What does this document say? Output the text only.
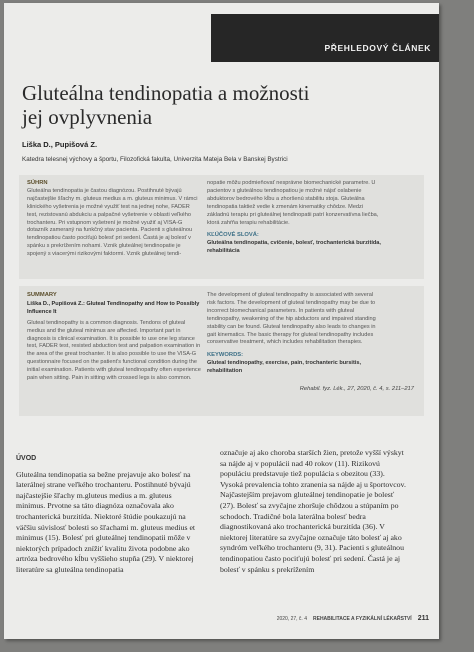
PŘEHLEDOVÝ ČLÁNEK
Gluteálna tendinopatia a možnosti
jej ovplyvnenia
Liška D., Pupišová Z.
Katedra telesnej výchovy a športu, Filozofická fakulta, Univerzita Mateja Bela v Banskej Bystrici
SÚHRN

Gluteálna tendinopatia je častou diagnózou. Postihnuté bývajú najčastejšie šľachy m. gluteus medius a m. gluteus minimus. V rámci klinického vyšetrenia je možné využiť test na jednej nohe, FADER test, rezistovanú abdukciu a palpačné vyšetrenie v oblasti veľkého trochanteru. Pri vstupnom vyšetrení je možné využiť aj VISA-G dotazník zameraný na funkčný stav pacienta. Pacienti s gluteálnou tendinopatiou často pociťujú bolesť pri sedení. Častá je aj bolesť v spánku s prekrížením nohami. Vznik gluteálnej tendinopatie je spojený s viacerými rizikovými faktormi. Vznik gluteálnej tendi-

nopatie môžu podmieňovať nesprávne biomechanické parametre. U pacientov s gluteálnou tendinopatiou je možné nájsť oslabenie abduktorov bedrového kĺbu a zhoršenú stabilitu stoja. Gluteálna tendinopatia taktiež vedie k zmenám kinematiky chôdze. Medzi základnú terapiu pri gluteálnej tendinopatii patrí konzervatívna liečba, ktorá zahŕňa terapiu rehabilitácie.

KĽÚČOVÉ SLOVÁ:

Gluteálna tendinopatia, cvičenie, bolesť, trochanterická burzitída, rehabilitácia

SUMMARY
Liška D., Pupišová Z.: Gluteal Tendinopathy and How to Possibly Influence It

Gluteal tendinopathy is a common diagnosis. Tendons of gluteal medius and the gluteal minimus are affected. Important part in diagnosis is clinical examination. It is possible to use one leg stance test, FADER test, resisted abduction test and palpation examination in the area of the great trochanter. It is also possible to use the VISA-G questionnaire focused on the patient's functional condition during the initial examination. Patients with gluteal tendinopathy often experience pain when sitting. Pain in sitting with crossed legs is also common.

The development of gluteal tendinopathy is associated with several risk factors. The development of gluteal tendinopathy may be due to incorrect biomechanical parameters. In patients with gluteal tendinopathy, weakening of the hip abductors and impaired standing stability can be found. Gluteal tendinopathy also leads to changes in gait kinematics. The basic therapy for gluteal tendinopathy includes conservative treatment, which includes rehabilitation therapies.

KEYWORDS:

Gluteal tendinopathy, exercise, pain, trochanteric bursitis, rehabilitation

Rehabil. fyz. Lék., 27, 2020, č. 4, s. 211–217
ÚVOD

Gluteálna tendinopatia sa bežne prejavuje ako bolesť na laterálnej strane veľkého trochanteru. Postihnuté bývajú najčastejšie šľachy m.gluteus medius a m. gluteus minimus. Prvotne sa táto diagnóza označovala ako trochanterická burzitída. Niektoré štúdie poukazujú na väčšiu súvislosť bolesti so šľachami m. gluteus medius et minimus (15). Bolesť pri gluteálnej tendinopatii môže v niektorých prípadoch znížiť kvalitu života podobne ako artróza bedrového kĺbu vyššieho stupňa (29). V niektorej literatúre sa gluteálna tendinopatia

označuje aj ako choroba starších žien, pretože vyšší výskyt sa nájde aj v populácii nad 40 rokov (11). Rizikovú populáciu predstavuje tiež populácia s obezitou (33). Vysoká prevalencia tohto zranenia sa nájde aj u športovcov. Najčastejším prejavom gluteálnej tendinopatie je bolesť (27). Bolesť sa zvyčajne zhoršuje chôdzou a stúpaním po schodoch. Tradičné bola laterálna bolesť bedra diagnostikovaná ako trochanterická burzitída (36). V niektorej literatúre sa zvyčajne označuje táto bolesť aj ako syndróm veľkého trochanteru (9, 31). Pacienti s gluteálnou tendinopatiou často pociťujú bolesť pri sedení. Častá je aj bolesť v spánku s prekrížením

2020, 27, č. 4 REHABILITACE A FYZIKÁLNÍ LÉKAŘSTVÍ 211
